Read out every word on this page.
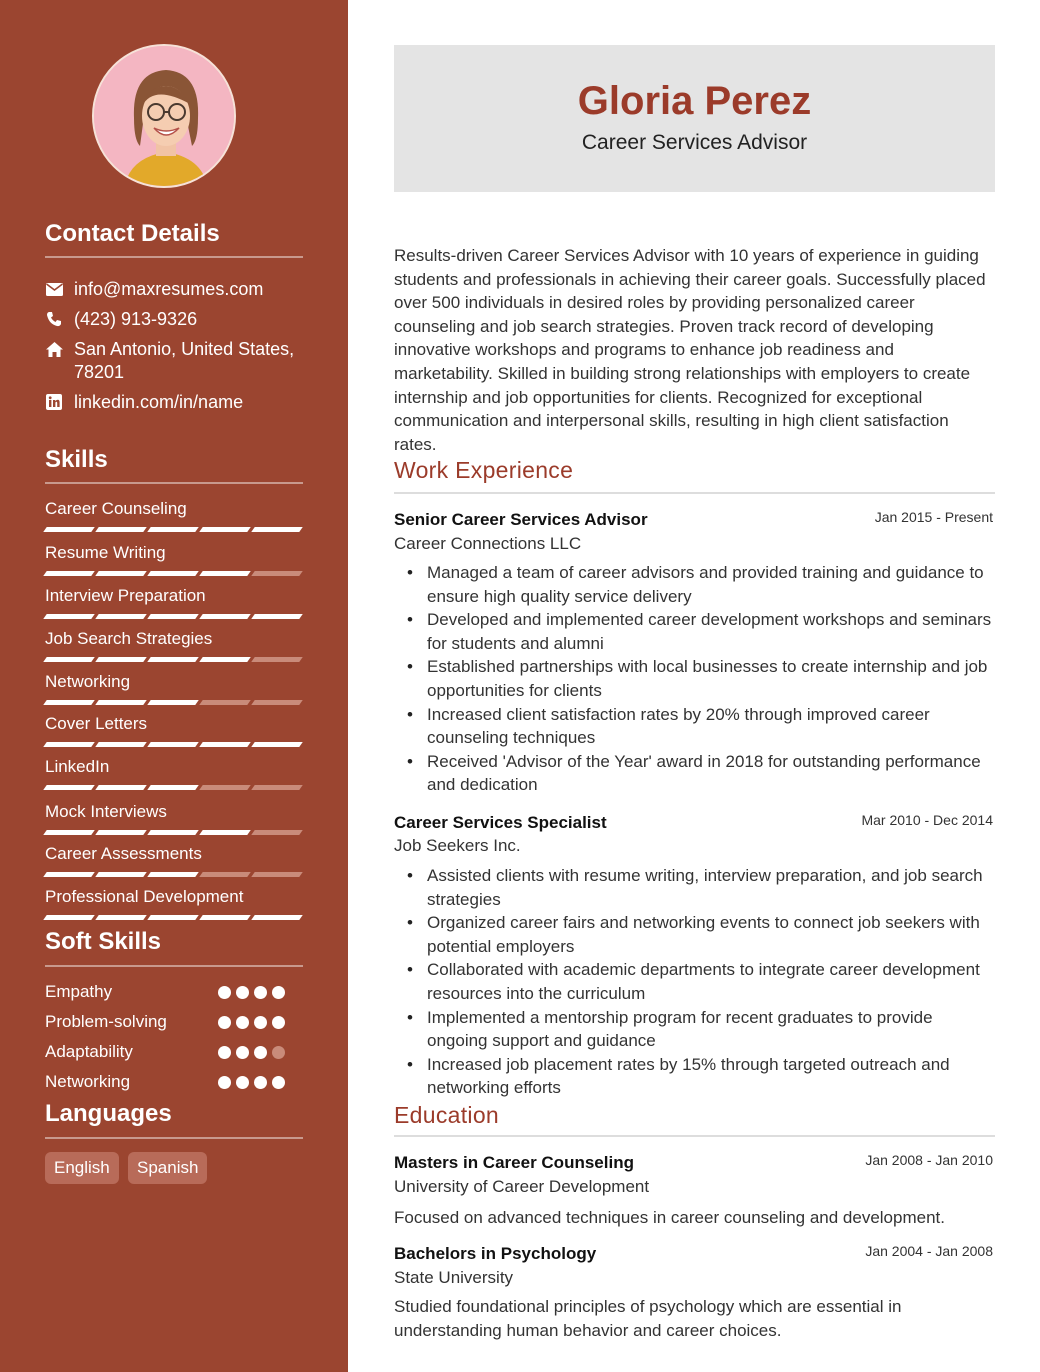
Contact Details
info@maxresumes.com
(423) 913-9326
San Antonio, United States,
78201
linkedin.com/in/name
Skills
Career Counseling
Resume Writing
Interview Preparation
Job Search Strategies
Networking
Cover Letters
LinkedIn
Mock Interviews
Career Assessments
Professional Development
Soft Skills
Empathy
Problem-solving
Adaptability
Networking
Languages
English	Spanish
Gloria Perez
Career Services Advisor
Results-driven Career Services Advisor with 10 years of experience in guiding students and professionals in achieving their career goals. Successfully placed over 500 individuals in desired roles by providing personalized career counseling and job search strategies. Proven track record of developing innovative workshops and programs to enhance job readiness and marketability. Skilled in building strong relationships with employers to create internship and job opportunities for clients. Recognized for exceptional communication and interpersonal skills, resulting in high client satisfaction rates.
Work Experience
Senior Career Services Advisor	Jan 2015 - Present
Career Connections LLC
• Managed a team of career advisors and provided training and guidance to ensure high quality service delivery
• Developed and implemented career development workshops and seminars for students and alumni
• Established partnerships with local businesses to create internship and job opportunities for clients
• Increased client satisfaction rates by 20% through improved career counseling techniques
• Received 'Advisor of the Year' award in 2018 for outstanding performance and dedication
Career Services Specialist	Mar 2010 - Dec 2014
Job Seekers Inc.
• Assisted clients with resume writing, interview preparation, and job search strategies
• Organized career fairs and networking events to connect job seekers with potential employers
• Collaborated with academic departments to integrate career development resources into the curriculum
• Implemented a mentorship program for recent graduates to provide ongoing support and guidance
• Increased job placement rates by 15% through targeted outreach and networking efforts
Education
Masters in Career Counseling	Jan 2008 - Jan 2010
University of Career Development
Focused on advanced techniques in career counseling and development.
Bachelors in Psychology	Jan 2004 - Jan 2008
State University
Studied foundational principles of psychology which are essential in understanding human behavior and career choices.
